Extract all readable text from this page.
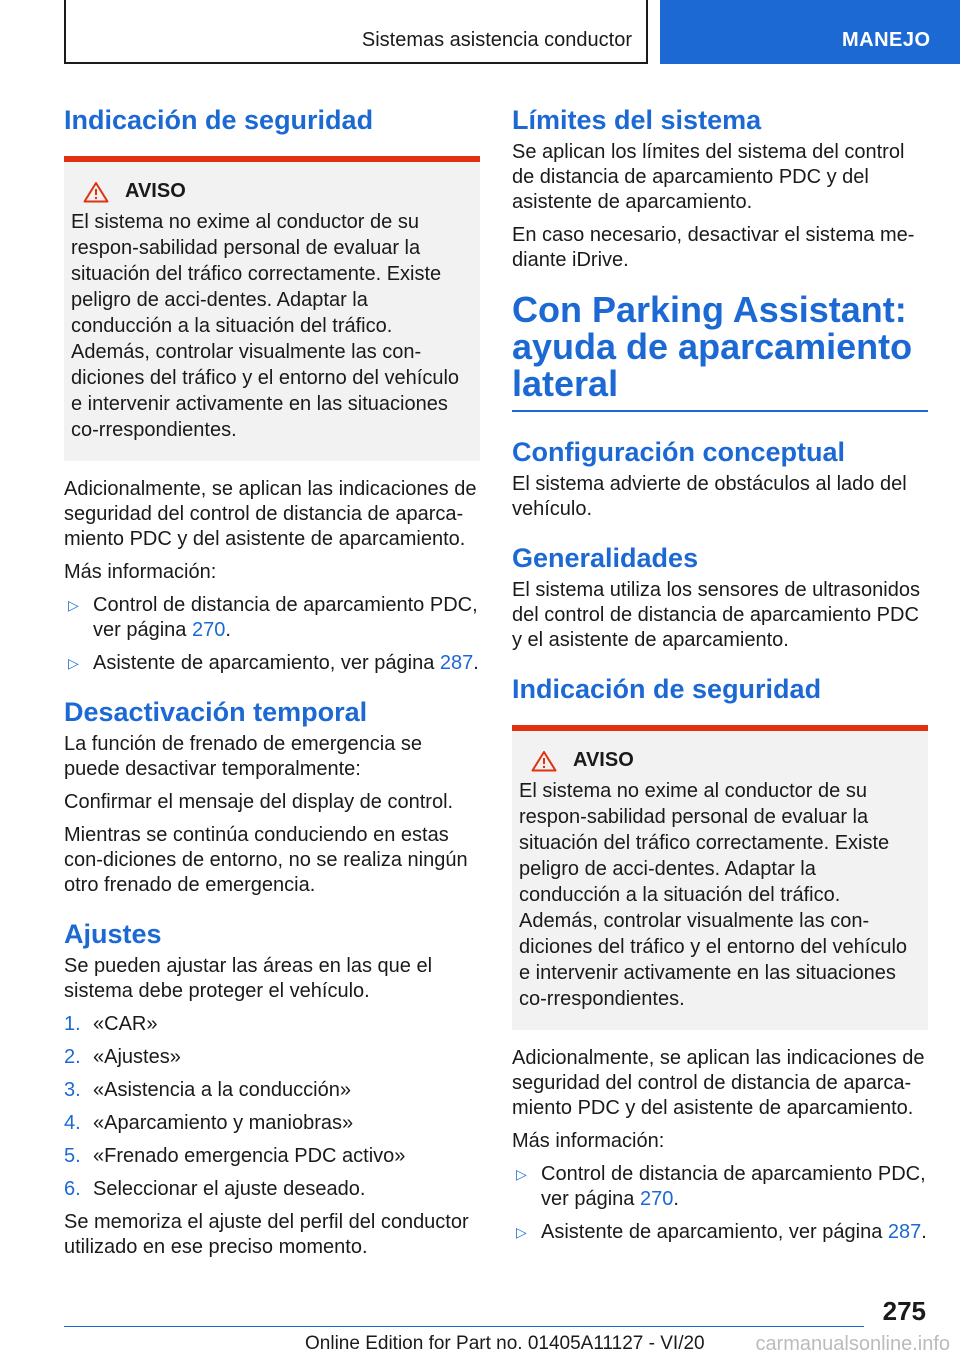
Sistemas asistencia conductor	MANEJO
Indicación de seguridad
AVISO

El sistema no exime al conductor de su respon-sabilidad personal de evaluar la situación del tráfico correctamente. Existe peligro de acci-dentes. Adaptar la conducción a la situación del tráfico. Además, controlar visualmente las con-diciones del tráfico y el entorno del vehículo e intervenir activamente en las situaciones co-rrespondientes.

Adicionalmente, se aplican las indicaciones de seguridad del control de distancia de aparca-miento PDC y del asistente de aparcamiento.

Más información:

▷ Control de distancia de aparcamiento PDC, ver página 270.
▷ Asistente de aparcamiento, ver página 287.
Desactivación temporal

La función de frenado de emergencia se puede desactivar temporalmente:

Confirmar el mensaje del display de control.

Mientras se continúa conduciendo en estas con-diciones de entorno, no se realiza ningún otro frenado de emergencia.

Ajustes

Se pueden ajustar las áreas en las que el sistema debe proteger el vehículo.

1. «CAR»
2. «Ajustes»
3. «Asistencia a la conducción»
4. «Aparcamiento y maniobras»
5. «Frenado emergencia PDC activo»
6. Seleccionar el ajuste deseado.

Se memoriza el ajuste del perfil del conductor utilizado en ese preciso momento.

Límites del sistema

Se aplican los límites del sistema del control de distancia de aparcamiento PDC y del asistente de aparcamiento.

En caso necesario, desactivar el sistema me-diante iDrive.

Con Parking Assistant: ayuda de aparcamiento lateral
Configuración conceptual

El sistema advierte de obstáculos al lado del vehículo.

Generalidades

El sistema utiliza los sensores de ultrasonidos del control de distancia de aparcamiento PDC y el asistente de aparcamiento.

Indicación de seguridad
AVISO

El sistema no exime al conductor de su respon-sabilidad personal de evaluar la situación del tráfico correctamente. Existe peligro de acci-dentes. Adaptar la conducción a la situación del tráfico. Además, controlar visualmente las con-diciones del tráfico y el entorno del vehículo e intervenir activamente en las situaciones co-rrespondientes.

Adicionalmente, se aplican las indicaciones de seguridad del control de distancia de aparca-miento PDC y del asistente de aparcamiento.

Más información:

▷ Control de distancia de aparcamiento PDC, ver página 270.
▷ Asistente de aparcamiento, ver página 287.
275
Online Edition for Part no. 01405A11127 - VI/20	carmanualsonline.info
